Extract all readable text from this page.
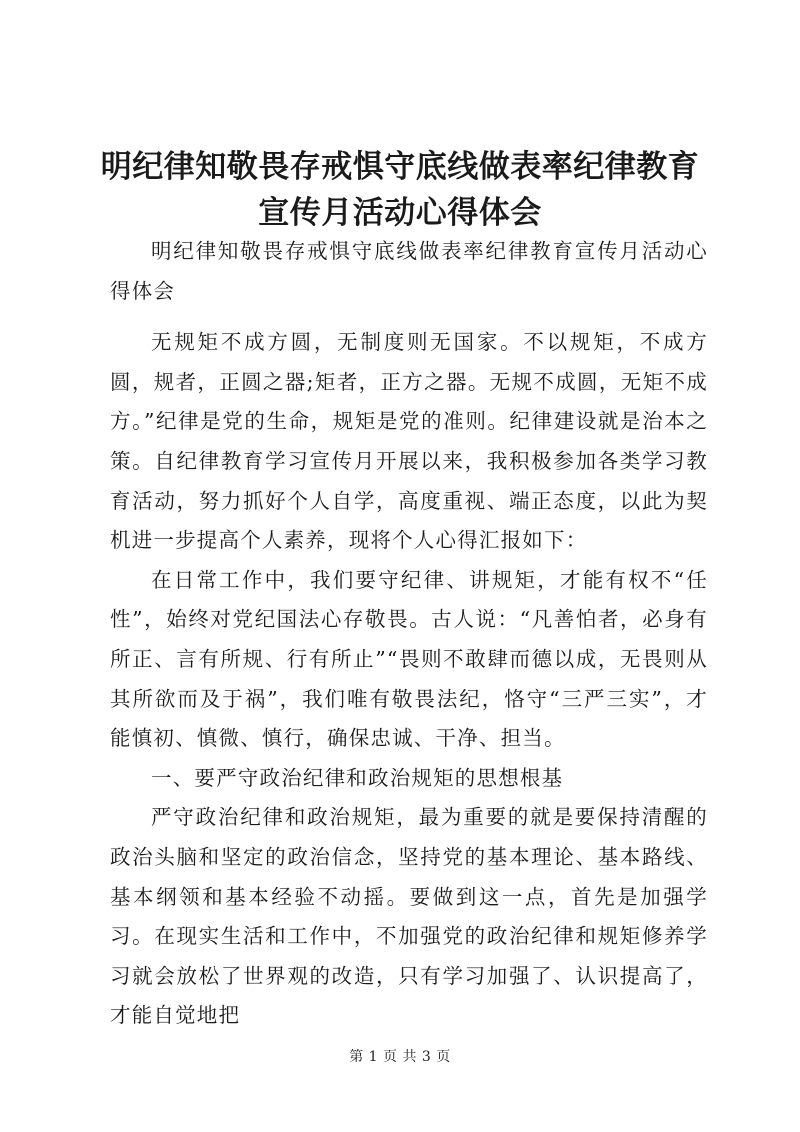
明纪律知敬畏存戒惧守底线做表率纪律教育宣传月活动心得体会

明纪律知敬畏存戒惧守底线做表率纪律教育宣传月活动心得体会

无规矩不成方圆，无制度则无国家。不以规矩，不成方圆，规者，正圆之器;矩者，正方之器。无规不成圆，无矩不成方。”纪律是党的生命，规矩是党的准则。纪律建设就是治本之策。自纪律教育学习宣传月开展以来，我积极参加各类学习教育活动，努力抓好个人自学，高度重视、端正态度，以此为契机进一步提高个人素养，现将个人心得汇报如下：

在日常工作中，我们要守纪律、讲规矩，才能有权不“任性”，始终对党纪国法心存敬畏。古人说：“凡善怕者，必身有所正、言有所规、行有所止”“畏则不敢肆而德以成，无畏则从其所欲而及于祸”，我们唯有敬畏法纪，恪守“三严三实”，才能慎初、慎微、慎行，确保忠诚、干净、担当。

一、要严守政治纪律和政治规矩的思想根基

严守政治纪律和政治规矩，最为重要的就是要保持清醒的政治头脑和坚定的政治信念，坚持党的基本理论、基本路线、基本纲领和基本经验不动摇。要做到这一点，首先是加强学习。在现实生活和工作中，不加强党的政治纪律和规矩修养学习就会放松了世界观的改造，只有学习加强了、认识提高了，才能自觉地把

第 1 页 共 3 页
